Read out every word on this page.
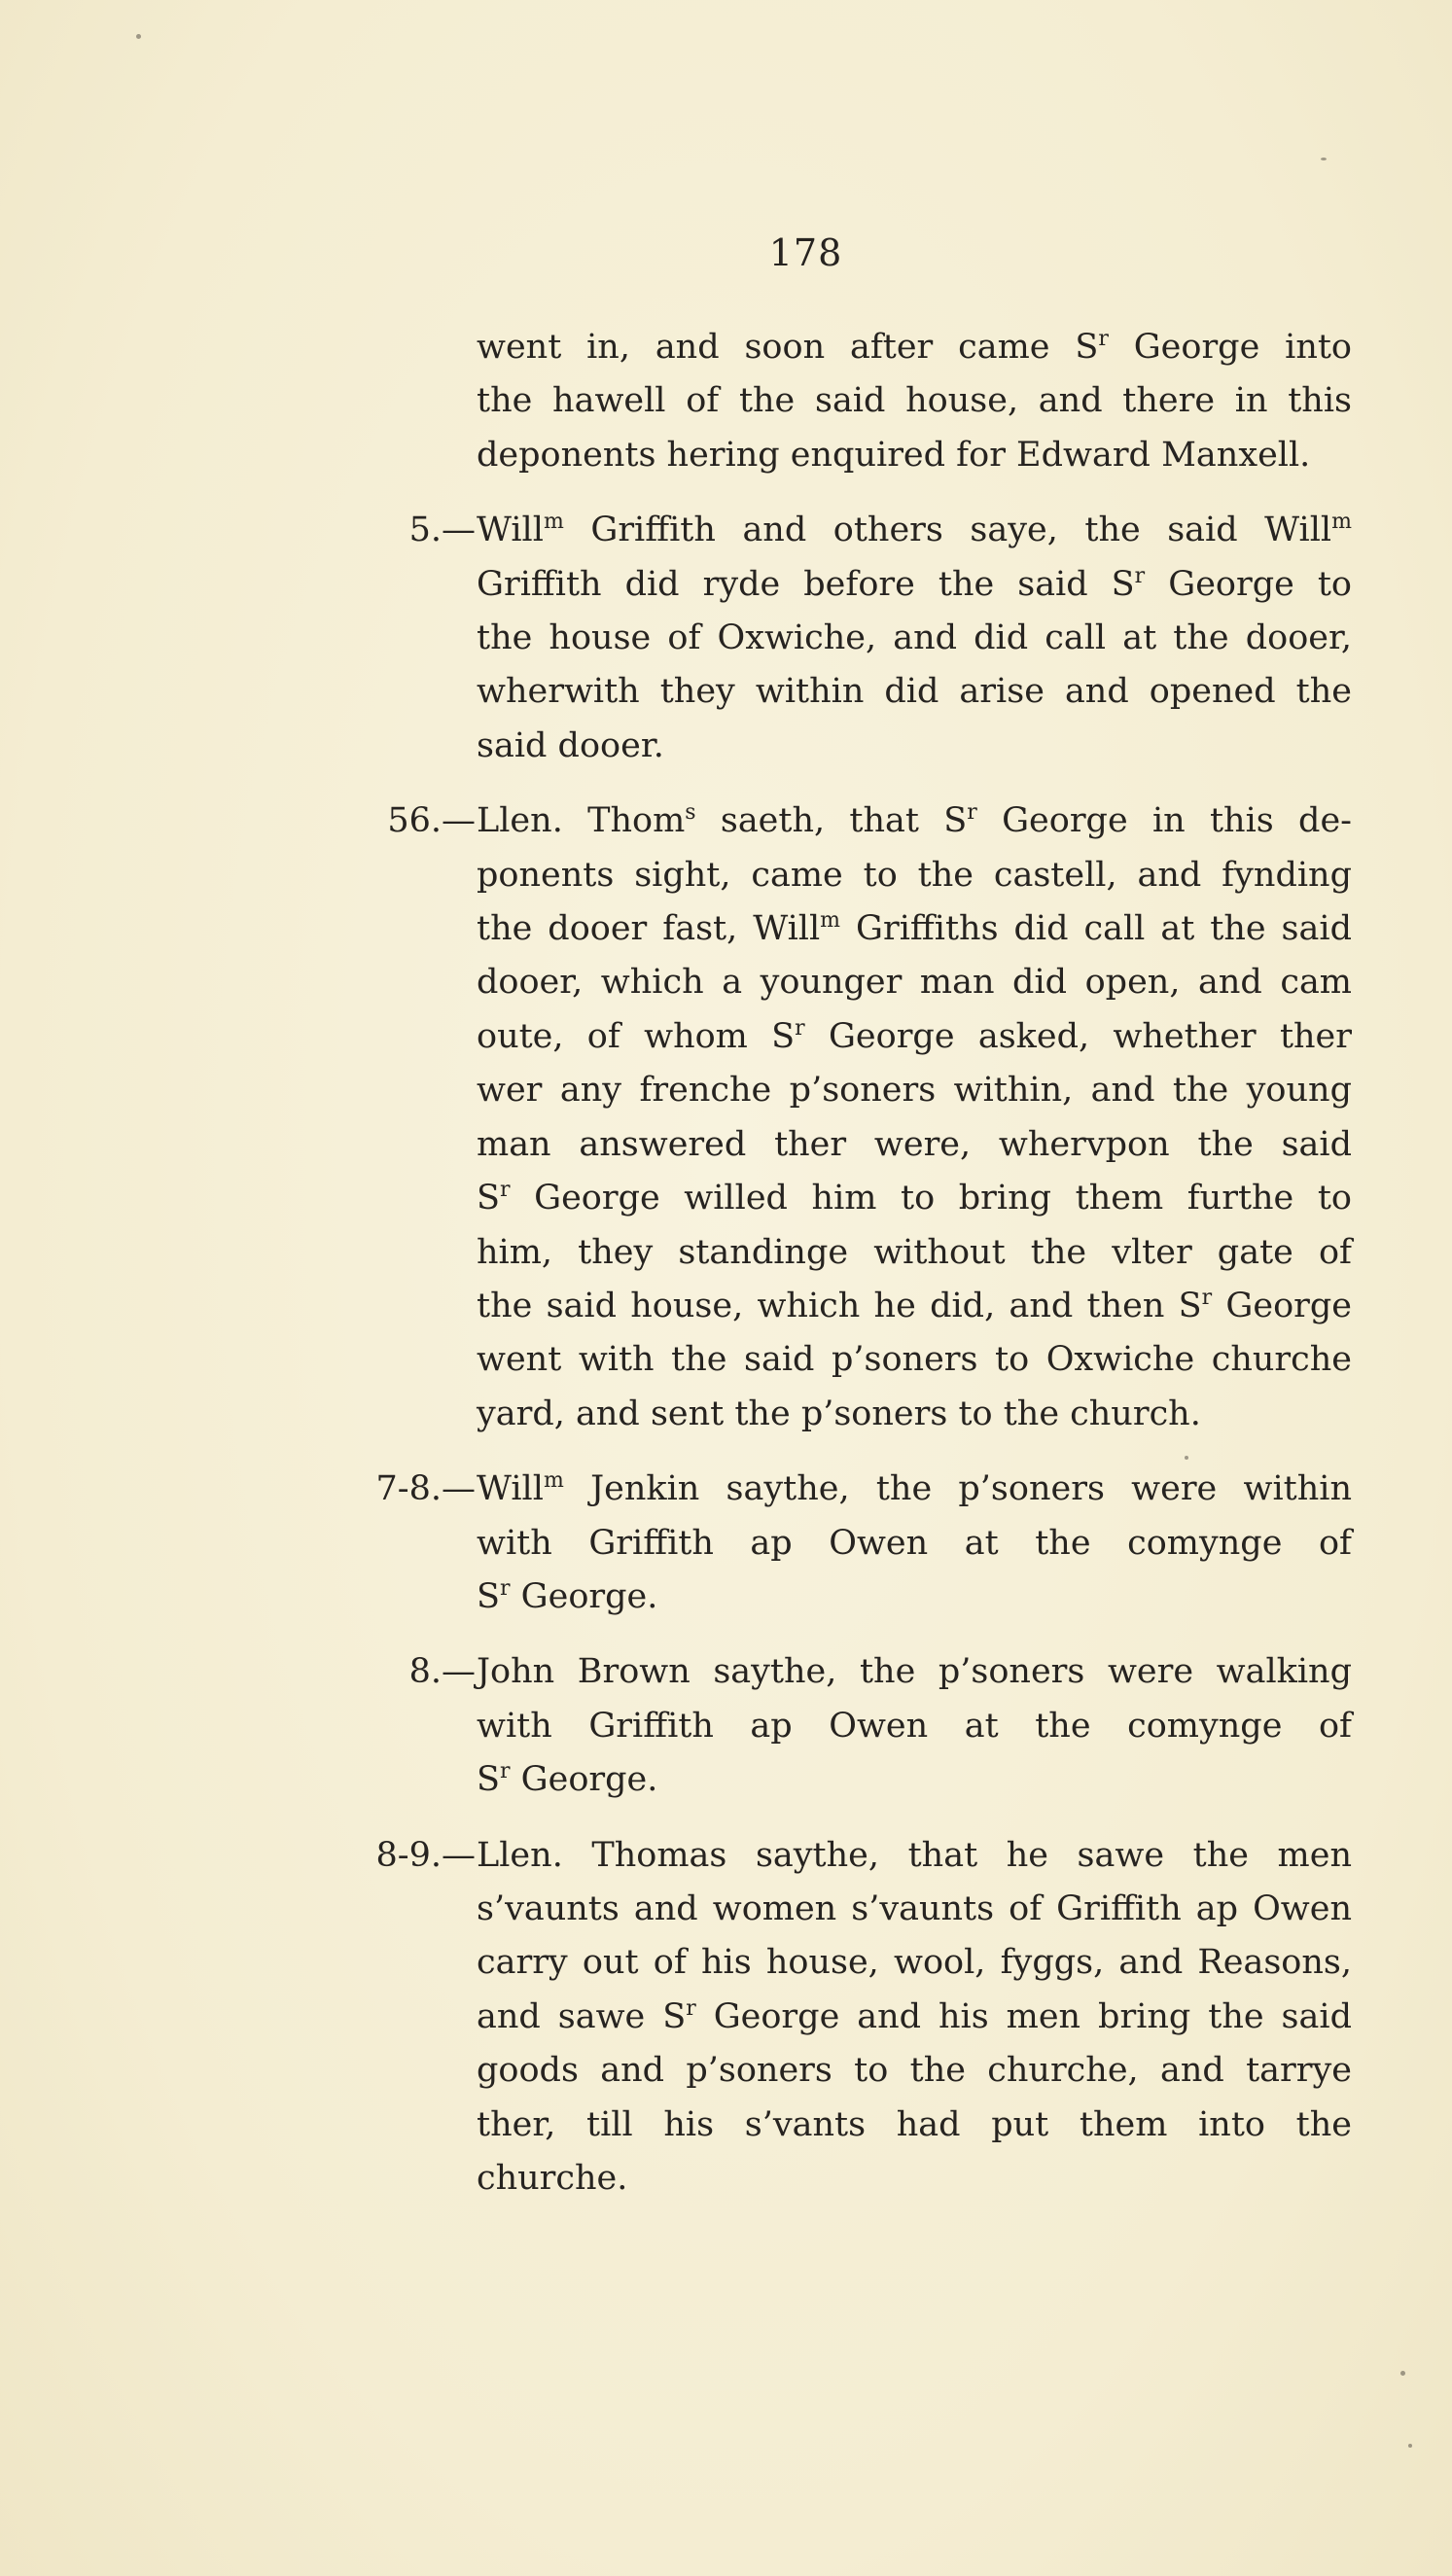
178
went in, and soon after came $S^r$ George into
the hawell of the said house, and there in this
deponents hering enquired for Edward Manxell.
5.— Will$^m$ Griffith and others saye, the said Will$^m$
Griffith did ryde before the said $S^r$ George to
the house of Oxwiche, and did call at the dooer,
wherwith they within did arise and opened the
said dooer.
56.— Llen. Thom$^s$ saeth, that $S^r$ George in this de-
ponents sight, came to the castell, and fynding
the dooer fast, Will$^m$ Griffiths did call at the said
dooer, which a younger man did open, and cam
oute, of whom $S^r$ George asked, whether ther
wer any frenche p’soners within, and the young
man answered ther were, whervpon the said
$S^r$ George willed him to bring them furthe to
him, they standinge without the vlter gate of
the said house, which he did, and then $S^r$ George
went with the said p’soners to Oxwiche churche
yard, and sent the p’soners to the church.
7-8.— Will$^m$ Jenkin saythe, the p’soners were within
with Griffith ap Owen at the comynge of
$S^r$ George.
8.— John Brown saythe, the p’soners were walking
with Griffith ap Owen at the comynge of
$S^r$ George.
8-9.— Llen. Thomas saythe, that he sawe the men
s’vaunts and women s’vaunts of Griffith ap Owen
carry out of his house, wool, fyggs, and Reasons,
and sawe $S^r$ George and his men bring the said
goods and p’soners to the churche, and tarrye
ther, till his s’vants had put them into the
churche.
